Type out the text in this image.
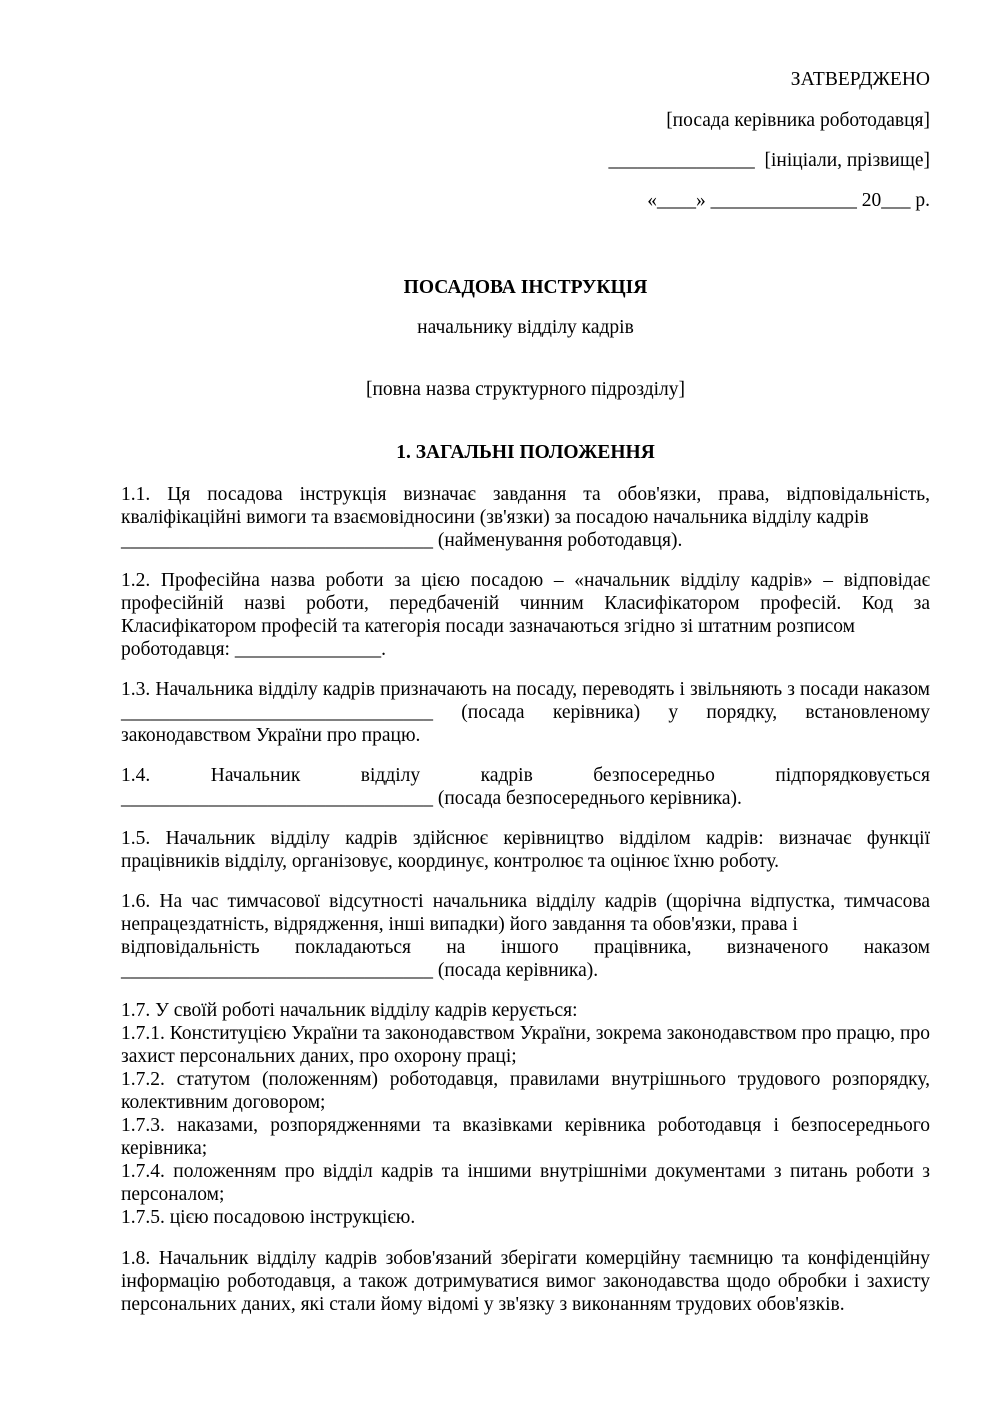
ЗАТВЕРДЖЕНО
[посада керівника роботодавця]
_______________  [ініціали, прізвище]
«____» _______________ 20___ р.
ПОСАДОВА ІНСТРУКЦІЯ
начальнику відділу кадрів
[повна назва структурного підрозділу]
1. ЗАГАЛЬНІ ПОЛОЖЕННЯ

1.1. Ця посадова інструкція визначає завдання та обов'язки, права, відповідальність, кваліфікаційні вимоги та взаємовідносини (зв'язки) за посадою начальника відділу кадрів

________________________________ (найменування роботодавця).

1.2. Професійна назва роботи за цією посадою – «начальник відділу кадрів» – відповідає професійній назві роботи, передбаченій чинним Класифікатором професій. Код за Класифікатором професій та категорія посади зазначаються згідно зі штатним розписом

роботодавця: _______________.

1.3. Начальника відділу кадрів призначають на посаду, переводять і звільняють з посади наказом ________________________________ (посада керівника) у порядку, встановленому законодавством України про працю.

1.4.	Начальник	відділу	кадрів	безпосередньо	підпорядковується

________________________________ (посада безпосереднього керівника).

1.5. Начальник відділу кадрів здійснює керівництво відділом кадрів: визначає функції працівників відділу, організовує, координує, контролює та оцінює їхню роботу.

1.6. На час тимчасової відсутності начальника відділу кадрів (щорічна відпустка, тимчасова непрацездатність, відрядження, інші випадки) його завдання та обов'язки, права і

відповідальність покладаються на іншого працівника, визначеного наказом

________________________________ (посада керівника).

1.7. У своїй роботі начальник відділу кадрів керується:
1.7.1. Конституцією України та законодавством України, зокрема законодавством про працю, про захист персональних даних, про охорону праці;
1.7.2. статутом (положенням) роботодавця, правилами внутрішнього трудового розпорядку, колективним договором;
1.7.3. наказами, розпорядженнями та вказівками керівника роботодавця і безпосереднього керівника;
1.7.4. положенням про відділ кадрів та іншими внутрішніми документами з питань роботи з персоналом;
1.7.5. цією посадовою інструкцією.

1.8. Начальник відділу кадрів зобов'язаний зберігати комерційну таємницю та конфіденційну інформацію роботодавця, а також дотримуватися вимог законодавства щодо обробки і захисту персональних даних, які стали йому відомі у зв'язку з виконанням трудових обов'язків.
